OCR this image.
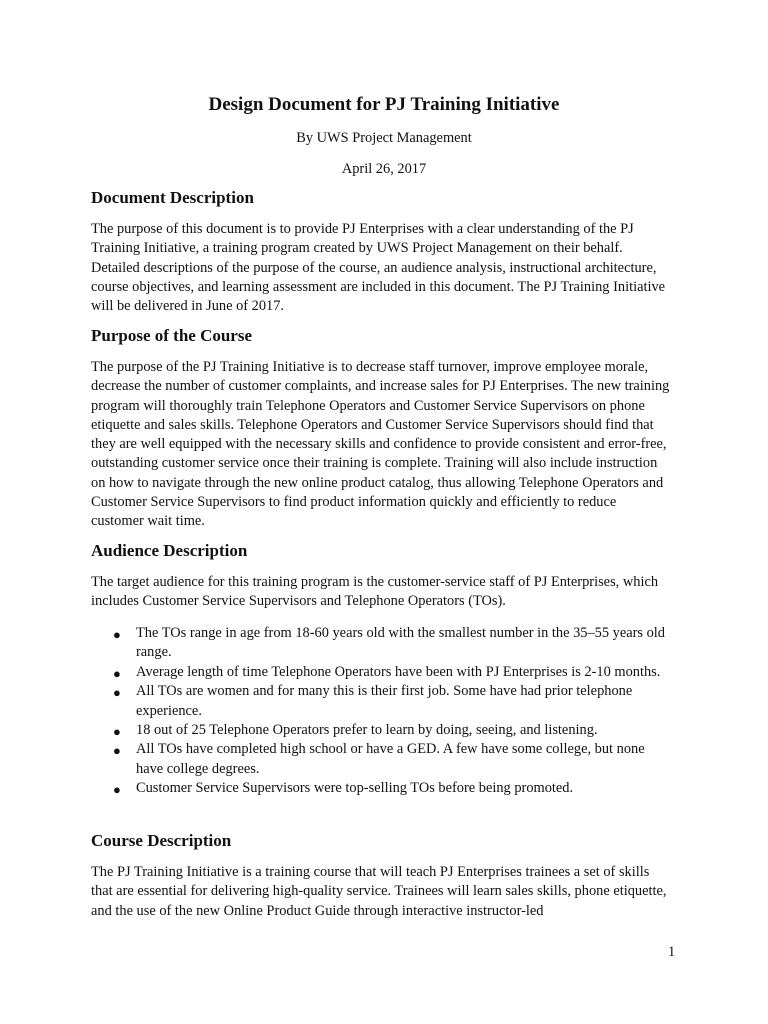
Design Document for PJ Training Initiative
By UWS Project Management
April 26, 2017
Document Description

The purpose of this document is to provide PJ Enterprises with a clear understanding of the PJ Training Initiative, a training program created by UWS Project Management on their behalf. Detailed descriptions of the purpose of the course, an audience analysis, instructional architecture, course objectives, and learning assessment are included in this document. The PJ Training Initiative will be delivered in June of 2017.

Purpose of the Course

The purpose of the PJ Training Initiative is to decrease staff turnover, improve employee morale, decrease the number of customer complaints, and increase sales for PJ Enterprises. The new training program will thoroughly train Telephone Operators and Customer Service Supervisors on phone etiquette and sales skills. Telephone Operators and Customer Service Supervisors should find that they are well equipped with the necessary skills and confidence to provide consistent and error-free, outstanding customer service once their training is complete. Training will also include instruction on how to navigate through the new online product catalog, thus allowing Telephone Operators and Customer Service Supervisors to find product information quickly and efficiently to reduce customer wait time.

Audience Description

The target audience for this training program is the customer-service staff of PJ Enterprises, which includes Customer Service Supervisors and Telephone Operators (TOs).

● The TOs range in age from 18-60 years old with the smallest number in the 35–55 years old range.
● Average length of time Telephone Operators have been with PJ Enterprises is 2-10 months.
● All TOs are women and for many this is their first job. Some have had prior telephone experience.
● 18 out of 25 Telephone Operators prefer to learn by doing, seeing, and listening.
● All TOs have completed high school or have a GED. A few have some college, but none have college degrees.
● Customer Service Supervisors were top-selling TOs before being promoted.
Course Description

The PJ Training Initiative is a training course that will teach PJ Enterprises trainees a set of skills that are essential for delivering high-quality service. Trainees will learn sales skills, phone etiquette, and the use of the new Online Product Guide through interactive instructor-led

1
